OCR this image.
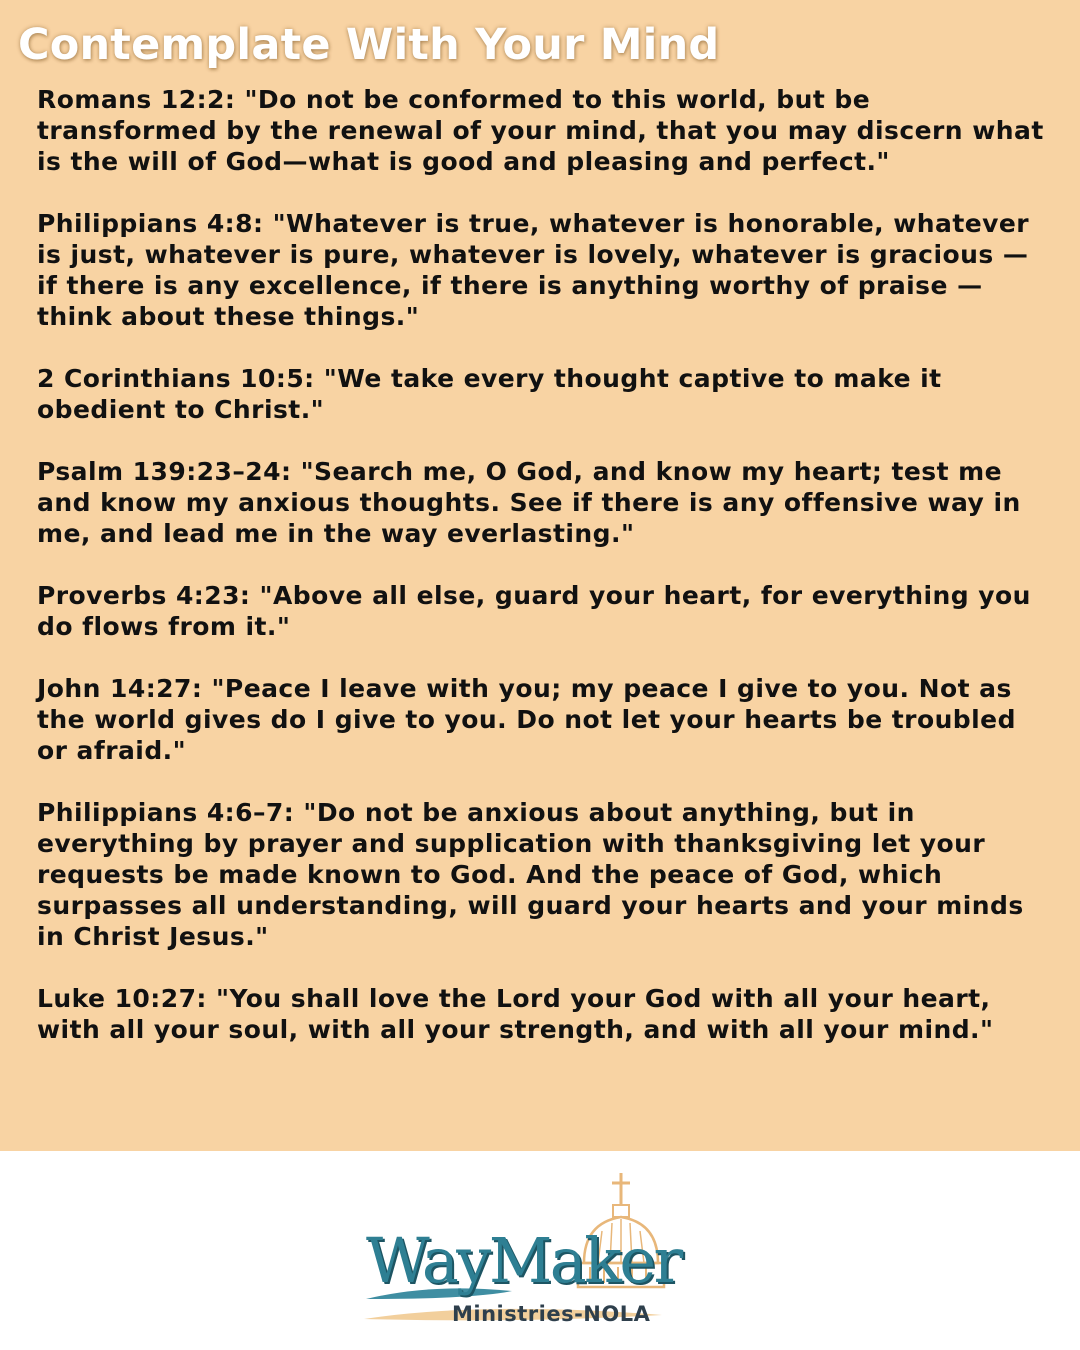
Contemplate With Your Mind
Romans 12:2: "Do not be conformed to this world, but be transformed by the renewal of your mind, that you may discern what is the will of God—what is good and pleasing and perfect."
Philippians 4:8: "Whatever is true, whatever is honorable, whatever is just, whatever is pure, whatever is lovely, whatever is gracious — if there is any excellence, if there is anything worthy of praise — think about these things."
2 Corinthians 10:5: "We take every thought captive to make it obedient to Christ."
Psalm 139:23–24: "Search me, O God, and know my heart; test me and know my anxious thoughts. See if there is any offensive way in me, and lead me in the way everlasting."
Proverbs 4:23: "Above all else, guard your heart, for everything you do flows from it."
John 14:27: "Peace I leave with you; my peace I give to you. Not as the world gives do I give to you. Do not let your hearts be troubled or afraid."
Philippians 4:6–7: "Do not be anxious about anything, but in everything by prayer and supplication with thanksgiving let your requests be made known to God. And the peace of God, which surpasses all understanding, will guard your hearts and your minds in Christ Jesus."
Luke 10:27: "You shall love the Lord your God with all your heart, with all your soul, with all your strength, and with all your mind."
WayMaker
Ministries-NOLA
